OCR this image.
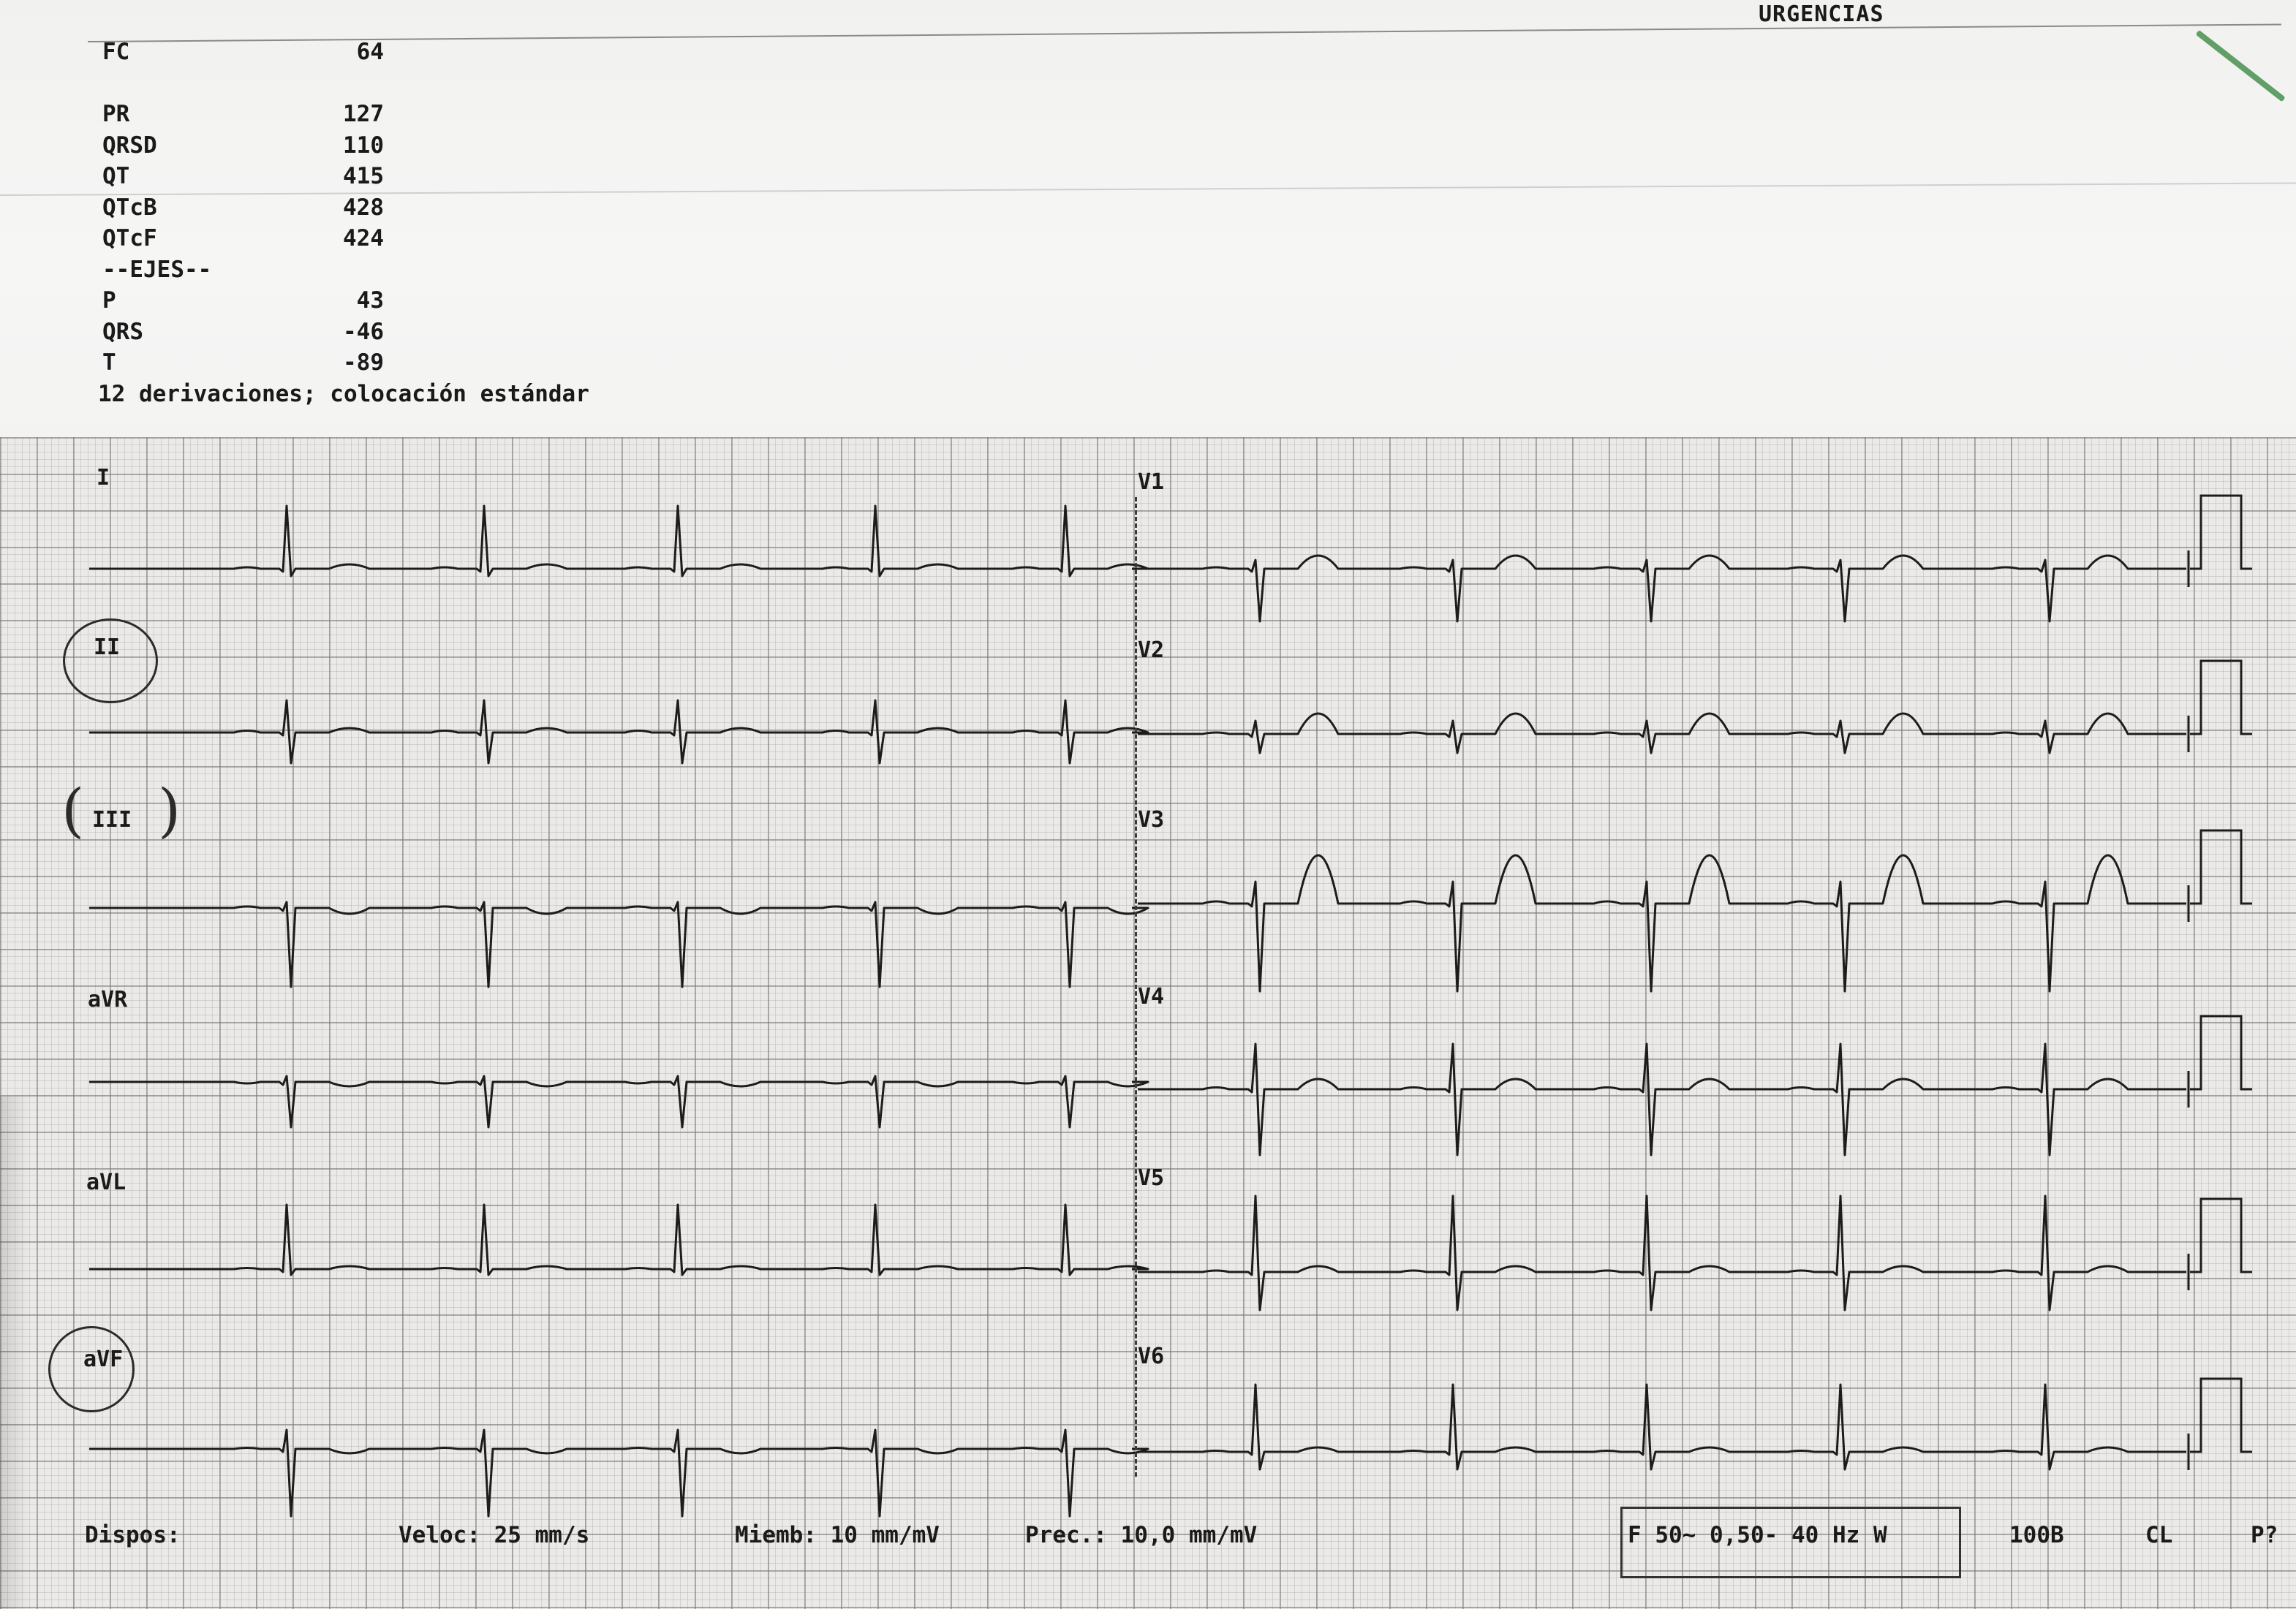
URGENCIAS
FC	64
PR	127
QRSD	110
QT	415
QTcB	428
QTcF	424
--EJES--
P	43
QRS	-46
T	-89
12 derivaciones; colocación estándar
I
II
III
aVR
aVL
aVF
V1
V2
V3
V4
V5
V6
( )
Dispos:	Veloc: 25 mm/s	Miemb: 10 mm/mV	Prec.: 10,0 mm/mV	F 50~ 0,50- 40 Hz W	100B	CL	P?
